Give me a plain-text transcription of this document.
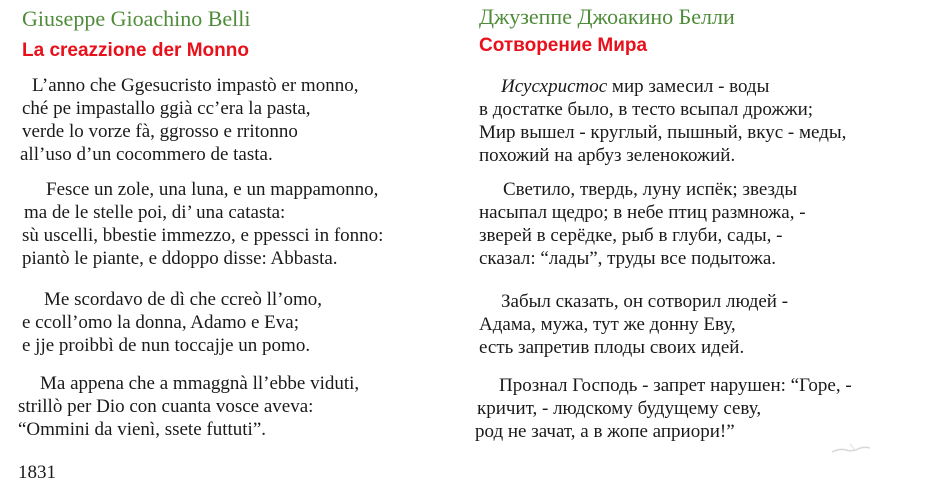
Giuseppe Gioachino Belli
La creazzione der Monno
L’anno che Ggesucristo impastò er monno,
ché pe impastallo ggià cc’era la pasta,
verde lo vorze fà, ggrosso e rritonno
all’uso d’un cocommero de tasta.
Fesce un zole, una luna, e un mappamonno,
ma de le stelle poi, di’ una catasta:
sù uscelli, bbestie immezzo, e ppessci in fonno:
piantò le piante, e ddoppo disse: Abbasta.
Me scordavo de dì che ccreò ll’omo,
e ccoll’omo la donna, Adamo e Eva;
e jje proibbì de nun toccajje un pomo.
Ma appena che a mmaggnà ll’ebbe viduti,
strillò per Dio con cuanta vosce aveva:
“Ommini da vienì, ssete futtuti”.
1831
Джузеппе Джоакино Белли
Сотворение Мира
Исусхристос мир замесил - воды
в достатке было, в тесто всыпал дрожжи;
Мир вышел - круглый, пышный, вкус - меды,
похожий на арбуз зеленокожий.
Светило, твердь, луну испёк; звезды
насыпал щедро; в небе птиц размножа, -
зверей в серёдке, рыб в глуби, сады, -
сказал: “лады”, труды все подытожа.
Забыл сказать, он сотворил людей -
Адама, мужа, тут же донну Еву,
есть запретив плоды своих идей.
Прознал Господь - запрет нарушен: “Горе, -
кричит, - людскому будущему севу,
род не зачат, а в жопе априори!”
